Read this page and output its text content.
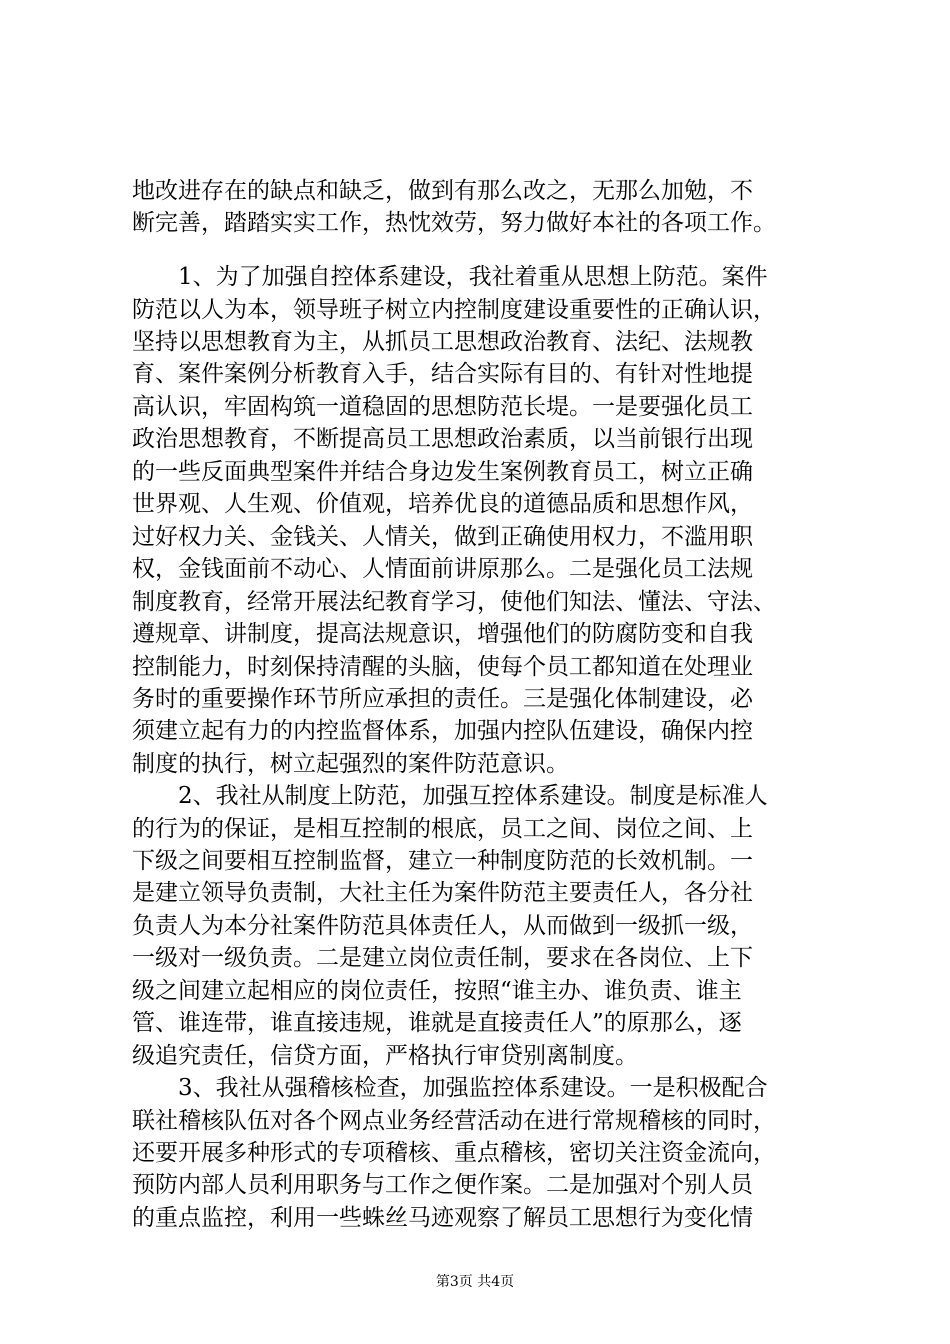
地改进存在的缺点和缺乏，做到有那么改之，无那么加勉，不
断完善，踏踏实实工作，热忱效劳，努力做好本社的各项工作。
1、为了加强自控体系建设，我社着重从思想上防范。案件
防范以人为本，领导班子树立内控制度建设重要性的正确认识，
坚持以思想教育为主，从抓员工思想政治教育、法纪、法规教
育、案件案例分析教育入手，结合实际有目的、有针对性地提
高认识，牢固构筑一道稳固的思想防范长堤。一是要强化员工
政治思想教育，不断提高员工思想政治素质，以当前银行出现
的一些反面典型案件并结合身边发生案例教育员工，树立正确
世界观、人生观、价值观，培养优良的道德品质和思想作风，
过好权力关、金钱关、人情关，做到正确使用权力，不滥用职
权，金钱面前不动心、人情面前讲原那么。二是强化员工法规
制度教育，经常开展法纪教育学习，使他们知法、懂法、守法、
遵规章、讲制度，提高法规意识，增强他们的防腐防变和自我
控制能力，时刻保持清醒的头脑，使每个员工都知道在处理业
务时的重要操作环节所应承担的责任。三是强化体制建设，必
须建立起有力的内控监督体系，加强内控队伍建设，确保内控
制度的执行，树立起强烈的案件防范意识。
2、我社从制度上防范，加强互控体系建设。制度是标准人
的行为的保证，是相互控制的根底，员工之间、岗位之间、上
下级之间要相互控制监督，建立一种制度防范的长效机制。一
是建立领导负责制，大社主任为案件防范主要责任人，各分社
负责人为本分社案件防范具体责任人，从而做到一级抓一级，
一级对一级负责。二是建立岗位责任制，要求在各岗位、上下
级之间建立起相应的岗位责任，按照“谁主办、谁负责、谁主
管、谁连带，谁直接违规，谁就是直接责任人”的原那么，逐
级追究责任，信贷方面，严格执行审贷别离制度。
3、我社从强稽核检查，加强监控体系建设。一是积极配合
联社稽核队伍对各个网点业务经营活动在进行常规稽核的同时，
还要开展多种形式的专项稽核、重点稽核，密切关注资金流向，
预防内部人员利用职务与工作之便作案。二是加强对个别人员
的重点监控，利用一些蛛丝马迹观察了解员工思想行为变化情
第3页 共4页
